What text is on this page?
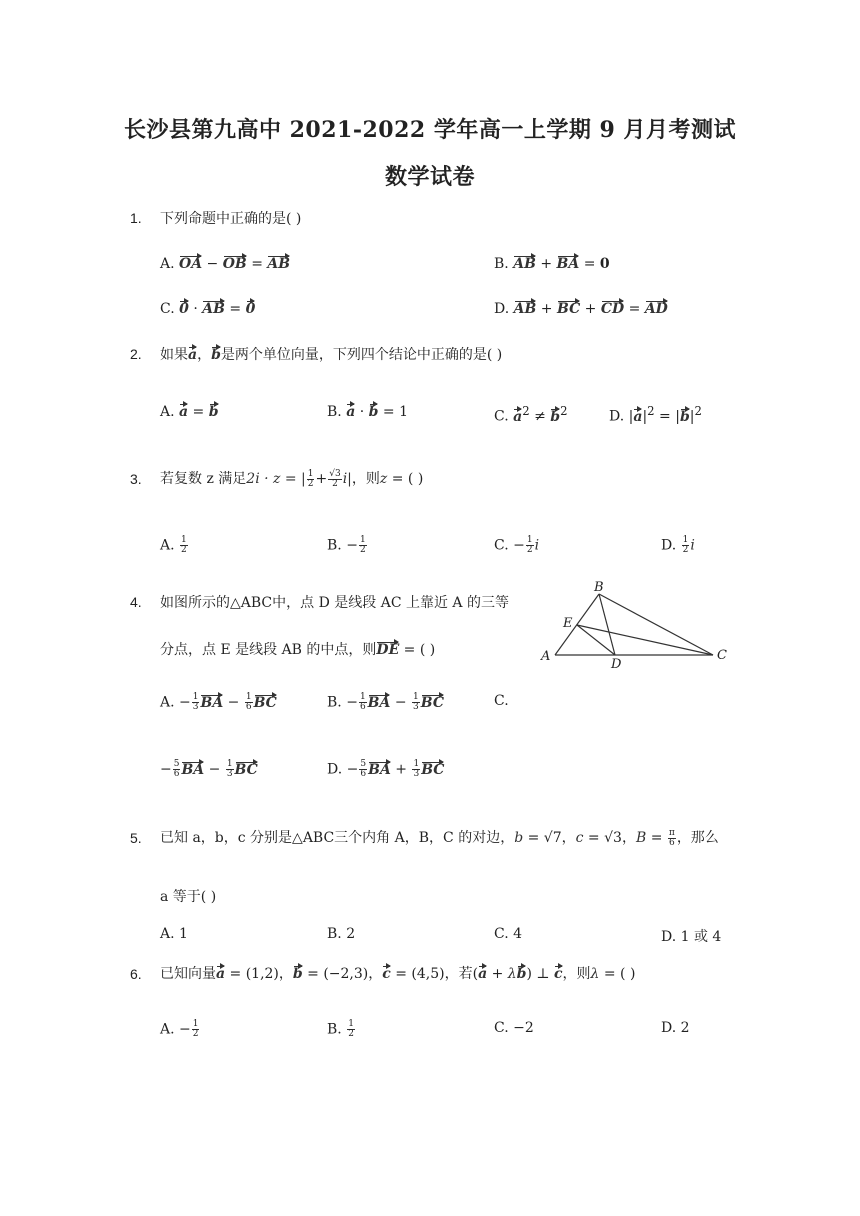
长沙县第九高中 2021-2022 学年高一上学期 9 月月考测试
数学试卷
1. 下列命题中正确的是( )
A. OA − OB = AB	B. AB + BA = 0
C. 0 · AB = 0	D. AB + BC + CD = AD
2. 如果a，b是两个单位向量，下列四个结论中正确的是( )
A. a = b	B. a · b = 1	C. $a^2 \ne b^2$	D. $|a|^2 = |b|^2$
3. 若复数 z 满足2i · z = | $\frac{1}{2} + \frac{√3}{2} i|$，则z = ( )
A. $\frac{1}{2}$	B. − $\frac{1}{2}$	C. − $\frac{1}{2}$ i	D. $\frac{1}{2}$ i
4. 如图所示的△ABC中，点 D 是线段 AC 上靠近 A 的三等
分点，点 E 是线段 AB 的中点，则DE = ( )
B
E
A
D
C
A. − $\frac{1}{3}$ BA − $\frac{1}{6}$ BC	B. − $\frac{1}{6}$ BA − $\frac{1}{3}$ BC	C.
− $\frac{5}{6}$ BA − $\frac{1}{3}$ BC	D. − $\frac{5}{6}$ BA + $\frac{1}{3}$ BC
5. 已知 a，b，c 分别是△ABC三个内角 A，B，C 的对边，b = √7，c = √3，$B = \frac{\pi}{6}$ ，那么
a 等于( )
A. 1	B. 2	C. 4	D. 1 或 4
6. 已知向量a = (1,2)，b = (−2,3)，c = (4,5)，若(a + λb) ⊥ c，则λ = ( )
A. − $\frac{1}{2}$	B. $\frac{1}{2}$	C. −2	D. 2
